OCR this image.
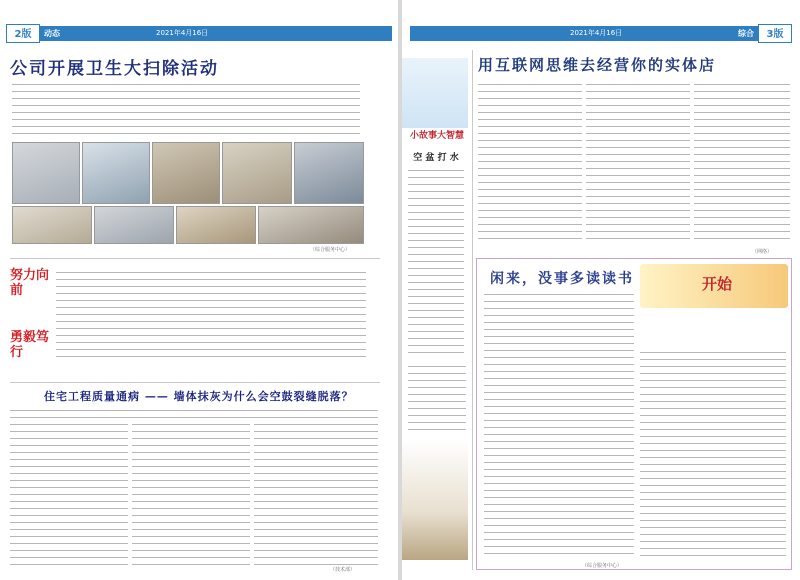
2版	动态	2021年4月16日
公司开展卫生大扫除活动
（综合服务中心）
努力向前
勇毅笃行
住宅工程质量通病 —— 墙体抹灰为什么会空鼓裂缝脱落？
（技术部）
2021年4月16日	综合	3版
小故事大智慧
空 盆 打 水
用互联网思维去经营你的实体店
（网络）
闲来，没事多读读书	开始
（综合服务中心）
